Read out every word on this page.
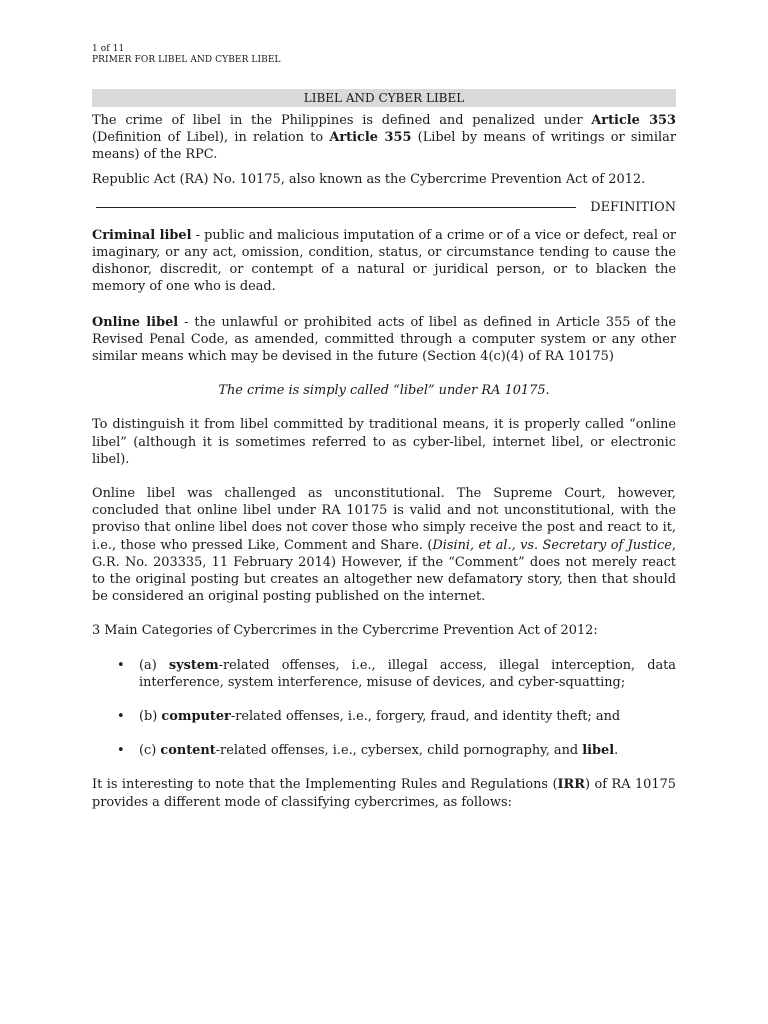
1 of 11
PRIMER FOR LIBEL AND CYBER LIBEL
LIBEL AND CYBER LIBEL

The crime of libel in the Philippines is defined and penalized under Article 353 (Definition of Libel), in relation to Article 355 (Libel by means of writings or similar means) of the RPC.

Republic Act (RA) No. 10175, also known as the Cybercrime Prevention Act of 2012.

DEFINITION

Criminal libel - public and malicious imputation of a crime or of a vice or defect, real or imaginary, or any act, omission, condition, status, or circumstance tending to cause the dishonor, discredit, or contempt of a natural or juridical person, or to blacken the memory of one who is dead.

Online libel - the unlawful or prohibited acts of libel as defined in Article 355 of the Revised Penal Code, as amended, committed through a computer system or any other similar means which may be devised in the future (Section 4(c)(4) of RA 10175)

The crime is simply called “libel” under RA 10175.

To distinguish it from libel committed by traditional means, it is properly called “online libel” (although it is sometimes referred to as cyber-libel, internet libel, or electronic libel).

Online libel was challenged as unconstitutional. The Supreme Court, however, concluded that online libel under RA 10175 is valid and not unconstitutional, with the proviso that online libel does not cover those who simply receive the post and react to it, i.e., those who pressed Like, Comment and Share. (Disini, et al., vs. Secretary of Justice, G.R. No. 203335, 11 February 2014) However, if the “Comment” does not merely react to the original posting but creates an altogether new defamatory story, then that should be considered an original posting published on the internet.

3 Main Categories of Cybercrimes in the Cybercrime Prevention Act of 2012:

• (a) system-related offenses, i.e., illegal access, illegal interception, data interference, system interference, misuse of devices, and cyber-squatting;
• (b) computer-related offenses, i.e., forgery, fraud, and identity theft; and
• (c) content-related offenses, i.e., cybersex, child pornography, and libel.

It is interesting to note that the Implementing Rules and Regulations (IRR) of RA 10175 provides a different mode of classifying cybercrimes, as follows:
